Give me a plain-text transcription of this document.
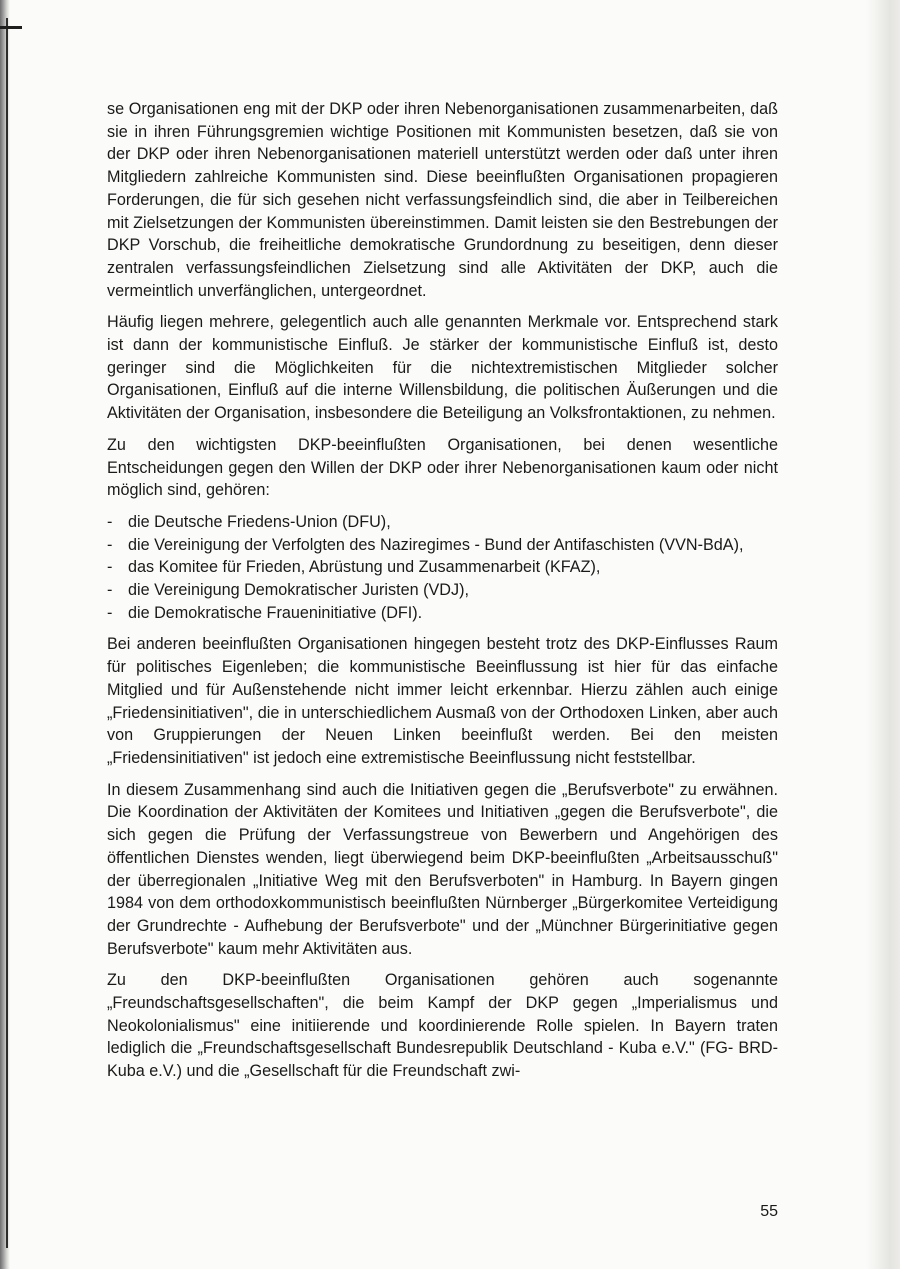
se Organisationen eng mit der DKP oder ihren Nebenorganisationen zusammenarbeiten, daß sie in ihren Führungsgremien wichtige Positionen mit Kommunisten besetzen, daß sie von der DKP oder ihren Nebenorganisationen materiell unterstützt werden oder daß unter ihren Mitgliedern zahlreiche Kommunisten sind. Diese beeinflußten Organisationen propagieren Forderungen, die für sich gesehen nicht verfassungsfeindlich sind, die aber in Teilbereichen mit Zielsetzungen der Kommunisten übereinstimmen. Damit leisten sie den Bestrebungen der DKP Vorschub, die freiheitliche demokratische Grundordnung zu beseitigen, denn dieser zentralen verfassungsfeindlichen Zielsetzung sind alle Aktivitäten der DKP, auch die vermeintlich unverfänglichen, untergeordnet.

Häufig liegen mehrere, gelegentlich auch alle genannten Merkmale vor. Entsprechend stark ist dann der kommunistische Einfluß. Je stärker der kommunistische Einfluß ist, desto geringer sind die Möglichkeiten für die nichtextremistischen Mitglieder solcher Organisationen, Einfluß auf die interne Willensbildung, die politischen Äußerungen und die Aktivitäten der Organisation, insbesondere die Beteiligung an Volksfrontaktionen, zu nehmen.

Zu den wichtigsten DKP-beeinflußten Organisationen, bei denen wesentliche Entscheidungen gegen den Willen der DKP oder ihrer Nebenorganisationen kaum oder nicht möglich sind, gehören:

- die Deutsche Friedens-Union (DFU),
- die Vereinigung der Verfolgten des Naziregimes - Bund der Antifaschisten (VVN-BdA),
- das Komitee für Frieden, Abrüstung und Zusammenarbeit (KFAZ),
- die Vereinigung Demokratischer Juristen (VDJ),
- die Demokratische Fraueninitiative (DFI).

Bei anderen beeinflußten Organisationen hingegen besteht trotz des DKP-Einflusses Raum für politisches Eigenleben; die kommunistische Beeinflussung ist hier für das einfache Mitglied und für Außenstehende nicht immer leicht erkennbar. Hierzu zählen auch einige „Friedensinitiativen", die in unterschiedlichem Ausmaß von der Orthodoxen Linken, aber auch von Gruppierungen der Neuen Linken beeinflußt werden. Bei den meisten „Friedensinitiativen" ist jedoch eine extremistische Beeinflussung nicht feststellbar.

In diesem Zusammenhang sind auch die Initiativen gegen die „Berufsverbote" zu erwähnen. Die Koordination der Aktivitäten der Komitees und Initiativen „gegen die Berufsverbote", die sich gegen die Prüfung der Verfassungstreue von Bewerbern und Angehörigen des öffentlichen Dienstes wenden, liegt überwiegend beim DKP-beeinflußten „Arbeitsausschuß" der überregionalen „Initiative Weg mit den Berufsverboten" in Hamburg. In Bayern gingen 1984 von dem orthodoxkommunistisch beeinflußten Nürnberger „Bürgerkomitee Verteidigung der Grundrechte - Aufhebung der Berufsverbote" und der „Münchner Bürgerinitiative gegen Berufsverbote" kaum mehr Aktivitäten aus.

Zu den DKP-beeinflußten Organisationen gehören auch sogenannte „Freundschaftsgesellschaften", die beim Kampf der DKP gegen „Imperialismus und Neokolonialismus" eine initiierende und koordinierende Rolle spielen. In Bayern traten lediglich die „Freundschaftsgesellschaft Bundesrepublik Deutschland - Kuba e.V." (FG- BRD-Kuba e.V.) und die „Gesellschaft für die Freundschaft zwi-

55
